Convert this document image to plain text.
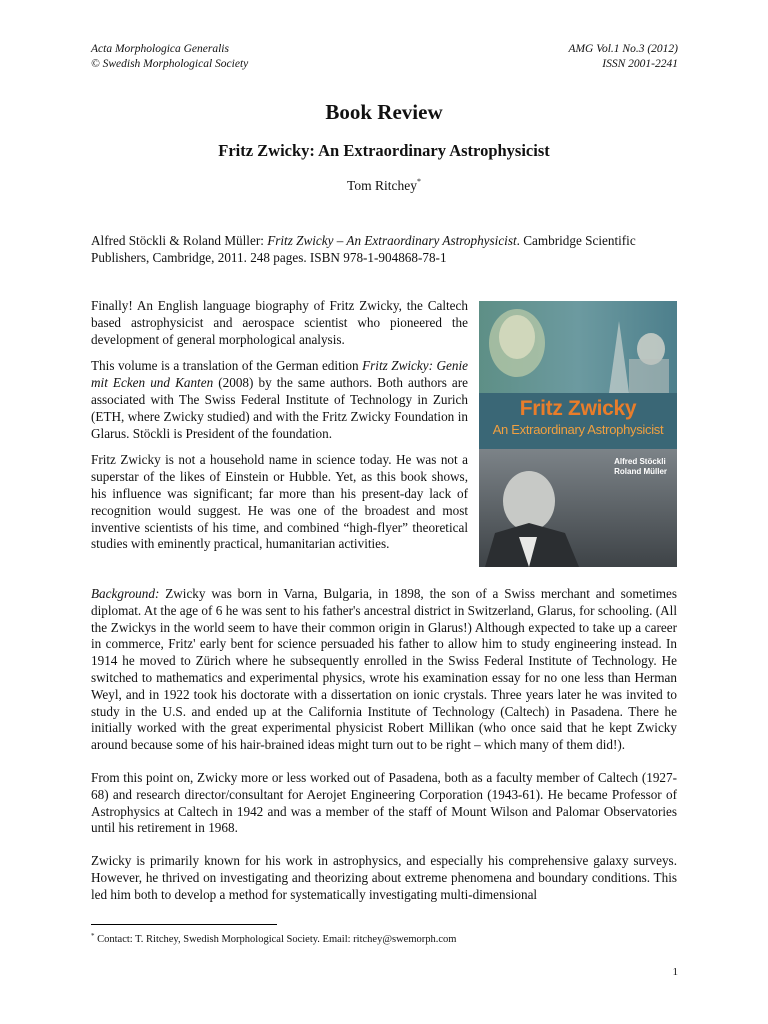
Acta Morphologica Generalis
© Swedish Morphological Society
AMG Vol.1 No.3 (2012)
ISSN 2001-2241
Book Review
Fritz Zwicky: An Extraordinary Astrophysicist
Tom Ritchey*
Alfred Stöckli & Roland Müller: Fritz Zwicky – An Extraordinary Astrophysicist. Cambridge Scientific Publishers, Cambridge, 2011. 248 pages. ISBN 978-1-904868-78-1

Finally! An English language biography of Fritz Zwicky, the Caltech based astrophysicist and aerospace scientist who pioneered the development of general morphological analysis.

This volume is a translation of the German edition Fritz Zwicky: Genie mit Ecken und Kanten (2008) by the same authors. Both authors are associated with The Swiss Federal Institute of Technology in Zurich (ETH, where Zwicky studied) and with the Fritz Zwicky Foundation in Glarus. Stöckli is President of the foundation.

Fritz Zwicky is not a household name in science today. He was not a superstar of the likes of Einstein or Hubble. Yet, as this book shows, his influence was significant; far more than his present-day lack of recognition would suggest. He was one of the broadest and most inventive scientists of his time, and combined “high-flyer” theoretical studies with eminently practical, humanitarian activities.

Fritz Zwicky
An Extraordinary Astrophysicist
Alfred Stöckli
Roland Müller

Background: Zwicky was born in Varna, Bulgaria, in 1898, the son of a Swiss merchant and sometimes diplomat. At the age of 6 he was sent to his father's ancestral district in Switzerland, Glarus, for schooling. (All the Zwickys in the world seem to have their common origin in Glarus!) Although expected to take up a career in commerce, Fritz' early bent for science persuaded his father to allow him to study engineering instead. In 1914 he moved to Zürich where he subsequently enrolled in the Swiss Federal Institute of Technology. He switched to mathematics and experimental physics, wrote his examination essay for no one less than Herman Weyl, and in 1922 took his doctorate with a dissertation on ionic crystals. Three years later he was invited to study in the U.S. and ended up at the California Institute of Technology (Caltech) in Pasadena. There he initially worked with the great experimental physicist Robert Millikan (who once said that he kept Zwicky around because some of his hair-brained ideas might turn out to be right – which many of them did!).

From this point on, Zwicky more or less worked out of Pasadena, both as a faculty member of Caltech (1927-68) and research director/consultant for Aerojet Engineering Corporation (1943-61). He became Professor of Astrophysics at Caltech in 1942 and was a member of the staff of Mount Wilson and Palomar Observatories until his retirement in 1968.

Zwicky is primarily known for his work in astrophysics, and especially his comprehensive galaxy surveys. However, he thrived on investigating and theorizing about extreme phenomena and boundary conditions. This led him both to develop a method for systematically investigating multi-dimensional

* Contact: T. Ritchey, Swedish Morphological Society. Email: ritchey@swemorph.com
1
